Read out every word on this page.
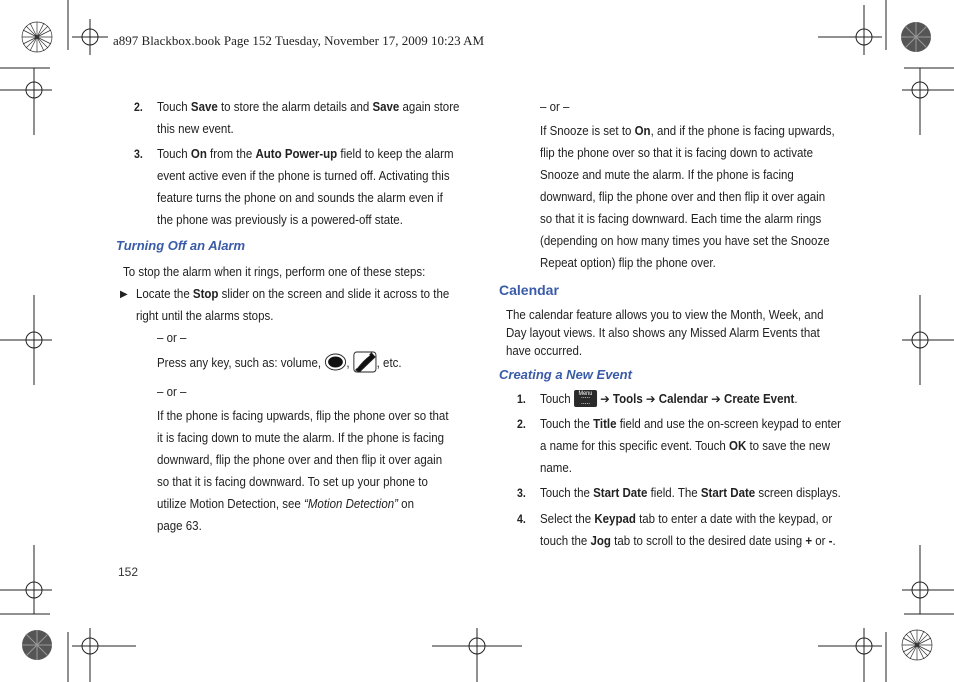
a897 Blackbox.book Page 152 Tuesday, November 17, 2009 10:23 AM
2. Touch Save to store the alarm details and Save again store
this new event.
3. Touch On from the Auto Power-up field to keep the alarm
event active even if the phone is turned off. Activating this
feature turns the phone on and sounds the alarm even if
the phone was previously is a powered-off state.
Turning Off an Alarm
To stop the alarm when it rings, perform one of these steps:
▶ Locate the Stop slider on the screen and slide it across to the
right until the alarms stops.
– or –
Press any key, such as: volume, , , etc.
– or –
If the phone is facing upwards, flip the phone over so that
it is facing down to mute the alarm. If the phone is facing
downward, flip the phone over and then flip it over again
so that it is facing downward. To set up your phone to
utilize Motion Detection, see “Motion Detection” on
page 63.
– or –
If Snooze is set to On, and if the phone is facing upwards,
flip the phone over so that it is facing down to activate
Snooze and mute the alarm. If the phone is facing
downward, flip the phone over and then flip it over again
so that it is facing downward. Each time the alarm rings
(depending on how many times you have set the Snooze
Repeat option) flip the phone over.
Calendar
The calendar feature allows you to view the Month, Week, and
Day layout views. It also shows any Missed Alarm Events that
have occurred.
Creating a New Event
1. Touch Menu ➔ Tools ➔ Calendar ➔ Create Event.
2. Touch the Title field and use the on-screen keypad to enter
a name for this specific event. Touch OK to save the new
name.
3. Touch the Start Date field. The Start Date screen displays.
4. Select the Keypad tab to enter a date with the keypad, or
touch the Jog tab to scroll to the desired date using + or -.
152
